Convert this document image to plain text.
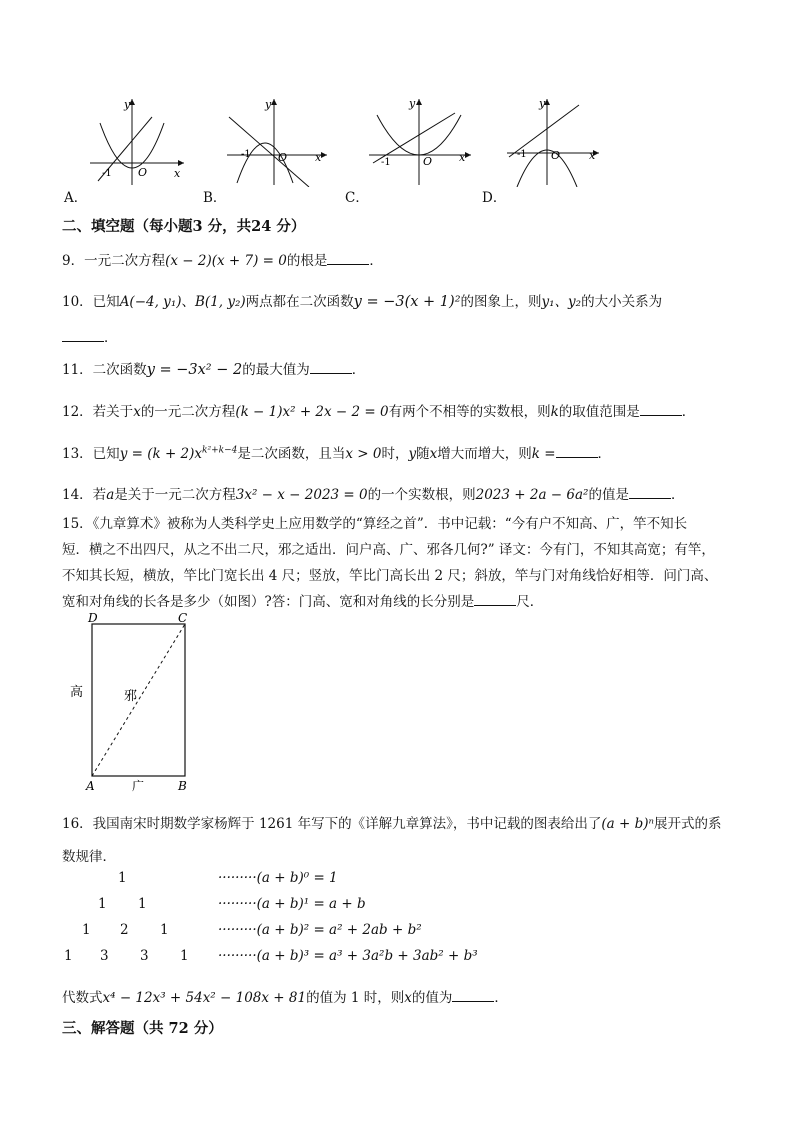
y
x
O
-1
A．
y
x
O
-1
B．
y
x
O
-1
C．
y
x
O
-1
D．
二、填空题（每小题3 分，共24 分）
9．一元二次方程(x − 2)(x + 7) = 0的根是	．
10．已知A(−4, y₁)、B(1, y₂)两点都在二次函数y = −3(x + 1)²的图象上，则y₁、y₂的大小关系为
．
11．二次函数y = −3x² − 2的最大值为	．
12．若关于x的一元二次方程(k − 1)x² + 2x − 2 = 0有两个不相等的实数根，则k的取值范围是	．
13．已知$y = (k + 2)x^{k^2+k-4}$是二次函数，且当x > 0时，y随x增大而增大，则k =	．
14．若a是关于一元二次方程3x² − x − 2023 = 0的一个实数根，则2023 + 2a − 6a²的值是	．
15．《九章算术》被称为人类科学史上应用数学的“算经之首”．书中记载：“今有户不知高、广，竿不知长
短．横之不出四尺，从之不出二尺，邪之适出．问户高、广、邪各几何?” 译文：今有门，不知其高宽；有竿，
不知其长短，横放，竿比门宽长出 4 尺；竖放，竿比门高长出 2 尺；斜放，竿与门对角线恰好相等．问门高、
宽和对角线的长各是多少（如图）?答：门高、宽和对角线的长分别是	尺．
D	C
A	B
高	邪
广
16．我国南宋时期数学家杨辉于 1261 年写下的《详解九章算法》，书中记载的图表给出了(a + b)ⁿ展开式的系
数规律．
1	·········(a + b)⁰ = 1
1 1	·········(a + b)¹ = a + b
1 2 1	·········(a + b)² = a² + 2ab + b²
1 3 3 1 ·········(a + b)³ = a³ + 3a²b + 3ab² + b³
代数式x⁴ − 12x³ + 54x² − 108x + 81的值为 1 时，则x的值为	．
三、解答题（共 72 分）
